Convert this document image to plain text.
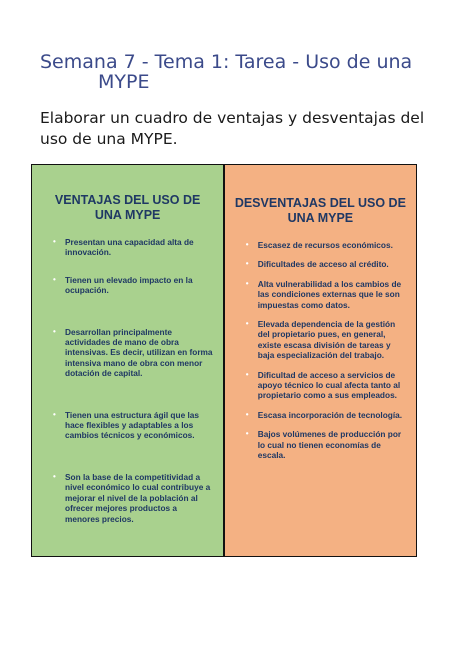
Semana 7 - Tema 1: Tarea - Uso de una
MYPE

Elaborar un cuadro de ventajas y desventajas del uso de una MYPE.

VENTAJAS DEL USO DE UNA MYPE
• Presentan una capacidad alta de innovación.
• Tienen un elevado impacto en la ocupación.
• Desarrollan principalmente actividades de mano de obra intensivas. Es decir, utilizan en forma intensiva mano de obra con menor dotación de capital.
• Tienen una estructura ágil que las hace flexibles y adaptables a los cambios técnicos y económicos.
• Son la base de la competitividad a nivel económico lo cual contribuye a mejorar el nivel de la población al ofrecer mejores productos a menores precios.
DESVENTAJAS DEL USO DE UNA MYPE
• Escasez de recursos económicos.
• Dificultades de acceso al crédito.
• Alta vulnerabilidad a los cambios de las condiciones externas que le son impuestas como datos.
• Elevada dependencia de la gestión del propietario pues, en general, existe escasa división de tareas y baja especialización del trabajo.
• Dificultad de acceso a servicios de apoyo técnico lo cual afecta tanto al propietario como a sus empleados.
• Escasa incorporación de tecnología.
• Bajos volúmenes de producción por lo cual no tienen economías de escala.
